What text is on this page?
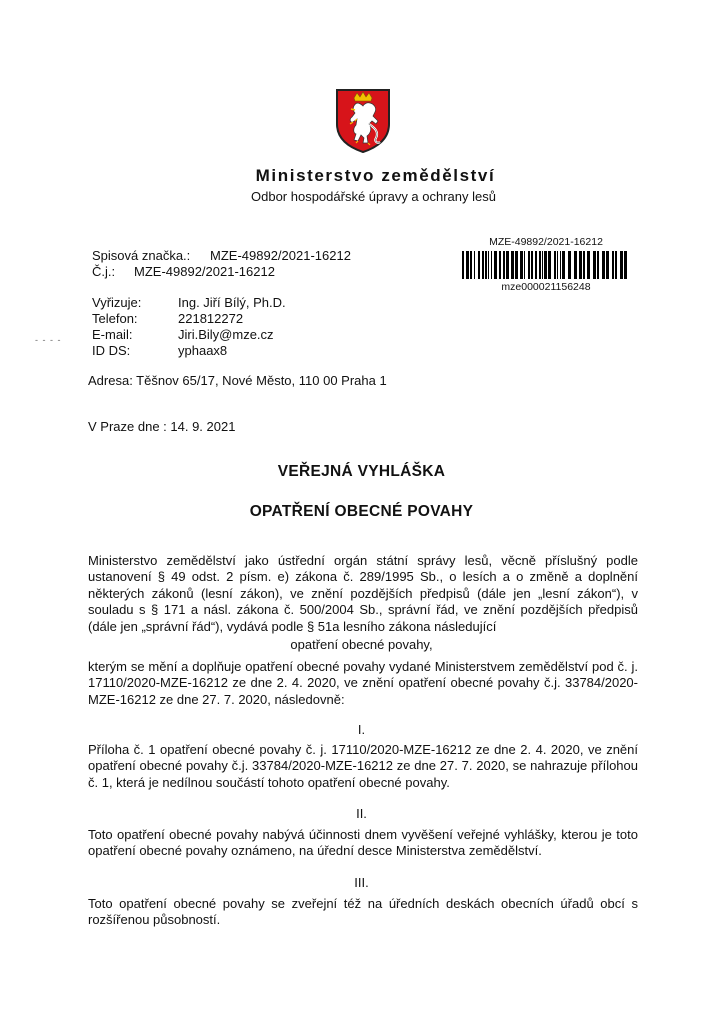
Ministerstvo zemědělství
Odbor hospodářské úpravy a ochrany lesů
MZE-49892/2021-16212
mze000021156248
Spisová značka.: MZE-49892/2021-16212
Č.j.: MZE-49892/2021-16212
Vyřizuje:	Ing. Jiří Bílý, Ph.D.
Telefon:	221812272
E-mail:	Jiri.Bily@mze.cz
ID DS:	yphaax8
- - - -
Adresa: Těšnov 65/17, Nové Město, 110 00 Praha 1
V Praze dne : 14. 9. 2021
VEŘEJNÁ VYHLÁŠKA
OPATŘENÍ OBECNÉ POVAHY
Ministerstvo zemědělství jako ústřední orgán státní správy lesů, věcně příslušný podle ustanovení § 49 odst. 2 písm. e) zákona č. 289/1995 Sb., o lesích a o změně a doplnění některých zákonů (lesní zákon), ve znění pozdějších předpisů (dále jen „lesní zákon“), v souladu s § 171 a násl. zákona č. 500/2004 Sb., správní řád, ve znění pozdějších předpisů (dále jen „správní řád“), vydává podle § 51a lesního zákona následující
opatření obecné povahy,
kterým se mění a doplňuje opatření obecné povahy vydané Ministerstvem zemědělství pod č. j. 17110/2020-MZE-16212 ze dne 2. 4. 2020, ve znění opatření obecné povahy č.j. 33784/2020-MZE-16212 ze dne 27. 7. 2020, následovně:
I.
Příloha č. 1 opatření obecné povahy č. j. 17110/2020-MZE-16212 ze dne 2. 4. 2020, ve znění opatření obecné povahy č.j. 33784/2020-MZE-16212 ze dne 27. 7. 2020, se nahrazuje přílohou č. 1, která je nedílnou součástí tohoto opatření obecné povahy.
II.
Toto opatření obecné povahy nabývá účinnosti dnem vyvěšení veřejné vyhlášky, kterou je toto opatření obecné povahy oznámeno, na úřední desce Ministerstva zemědělství.
III.
Toto opatření obecné povahy se zveřejní též na úředních deskách obecních úřadů obcí s rozšířenou působností.
